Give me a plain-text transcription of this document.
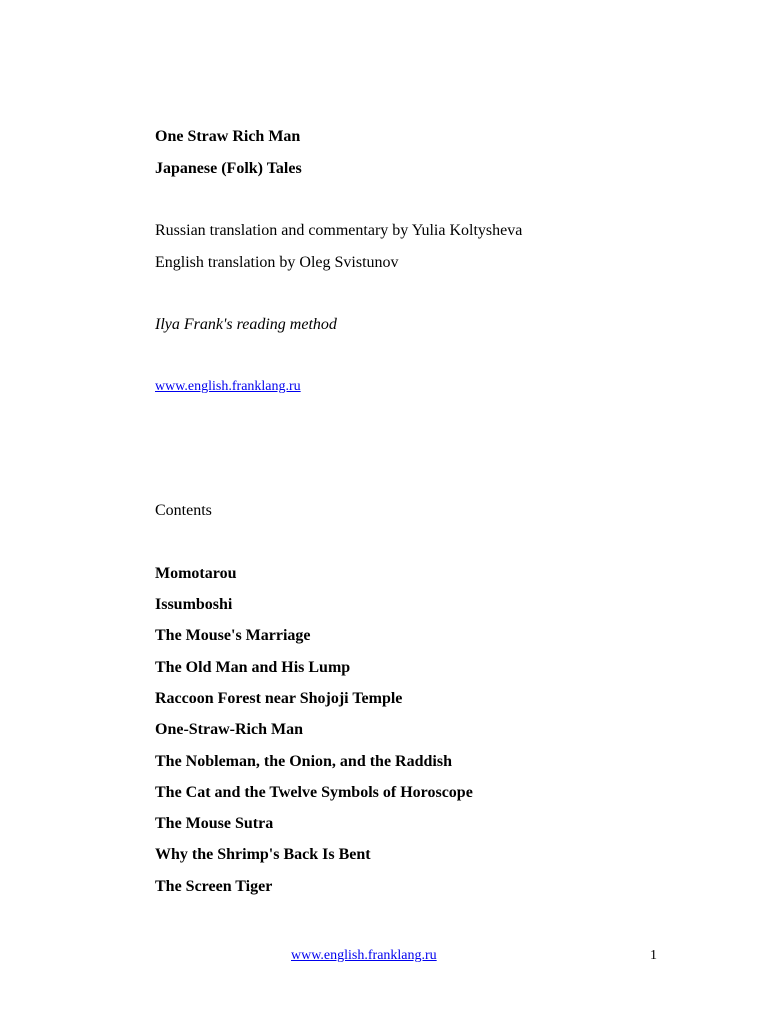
One Straw Rich Man
Japanese (Folk) Tales
Russian translation and commentary by Yulia Koltysheva
English translation by Oleg Svistunov
Ilya Frank's reading method
www.english.franklang.ru
Contents
Momotarou
Issumboshi
The Mouse's Marriage
The Old Man and His Lump
Raccoon Forest near Shojoji Temple
One-Straw-Rich Man
The Nobleman, the Onion, and the Raddish
The Cat and the Twelve Symbols of Horoscope
The Mouse Sutra
Why the Shrimp's Back Is Bent
The Screen Tiger
www.english.franklang.ru	1
